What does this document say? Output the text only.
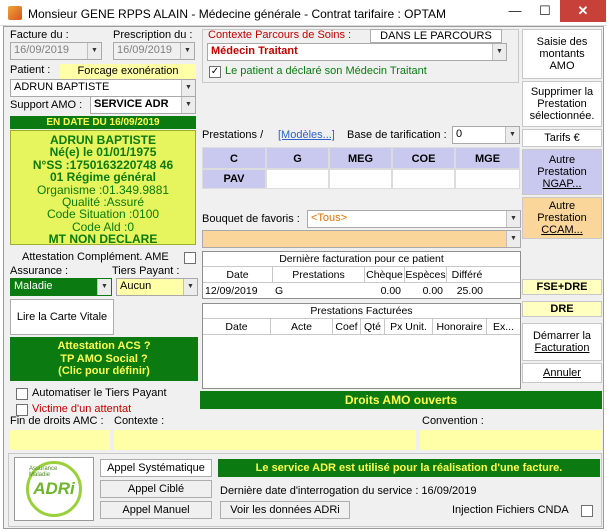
Monsieur GENE RPPS ALAIN - Médecine générale - Contrat tarifaire : OPTAM	—	☐	✕
Facture du :
16/09/2019	▼
Prescription du :
16/09/2019	▼
Patient :	Forcage exonération
ADRUN BAPTISTE	▼
Support AMO :	SERVICE ADR	▼
EN DATE DU 16/09/2019
ADRUN BAPTISTE
Né(e) le 01/01/1975
N°SS :1750163220748 46
01 Régime général
Organisme :01.349.9881
Qualité :Assuré
Code Situation :0100
Code Ald :0
MT NON DECLARE
Attestation Complément. AME
Assurance :
Maladie	▼
Tiers Payant :
Aucun	▼
Lire la Carte Vitale
Attestation ACS ?
TP AMO Social ?
(Clic pour définir)
Automatiser le Tiers Payant
Victime d'un attentat
Contexte Parcours de Soins :	DANS LE PARCOURS
Médecin Traitant	▼
✓ Le patient a déclaré son Médecin Traitant
Saisie des
montants
AMO
Supprimer la
Prestation
sélectionnée.
Tarifs €
Autre
Prestation
NGAP...
Autre
Prestation
CCAM...
Prestations / [Modèles...] Base de tarification : 0	▼
C	G	MEG	COE	MGE
PAV
Bouquet de favoris :	<Tous>	▼
▼
Dernière facturation pour ce patient
Date	Prestations	Chèque Espèces Différé
12/09/2019 G	0.00	0.00	25.00
Prestations Facturées
Date	Acte	Coef Qté Px Unit. Honoraire Ex...
FSE+DRE
DRE
Démarrer la
Facturation
Annuler
Droits AMO ouverts
Fin de droits AMC : Contexte :	Convention :
Assurance Maladie
ADRi
Appel Systématique
Appel Ciblé
Appel Manuel
Le service ADR est utilisé pour la réalisation d'une facture.
Dernière date d'interrogation du service : 16/09/2019
Voir les données ADRi	Injection Fichiers CNDA
